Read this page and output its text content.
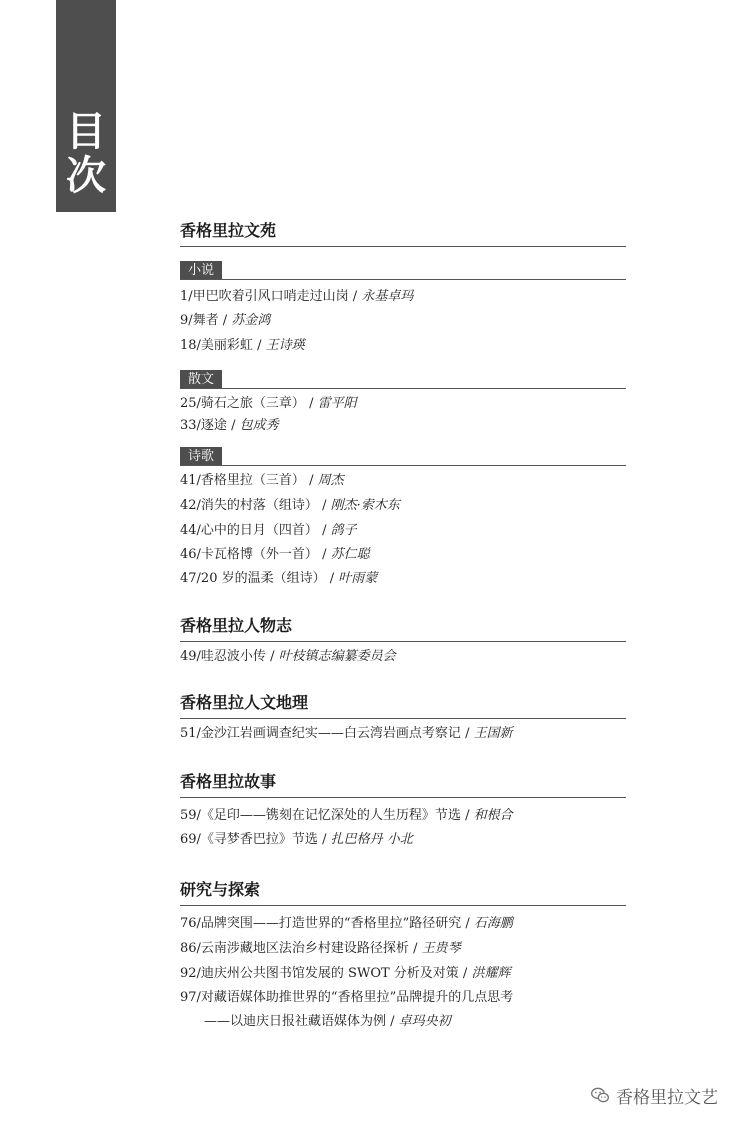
目
次
香格里拉文苑
小说
1/甲巴吹着引风口哨走过山岗 / 永基卓玛
9/舞者 / 苏金鸿
18/美丽彩虹 / 王诗瑛
散文
25/骑石之旅（三章） / 雷平阳
33/逐途 / 包成秀
诗歌
41/香格里拉（三首） / 周杰
42/消失的村落（组诗） / 刚杰·索木东
44/心中的日月（四首） / 鸽子
46/卡瓦格博（外一首） / 苏仁聪
47/20 岁的温柔（组诗） / 叶雨蒙
香格里拉人物志
49/哇忍波小传 / 叶枝镇志编纂委员会
香格里拉人文地理
51/金沙江岩画调查纪实——白云湾岩画点考察记 / 王国新
香格里拉故事
59/《足印——镌刻在记忆深处的人生历程》节选 / 和根合
69/《寻梦香巴拉》节选 / 扎巴格丹 小北
研究与探索
76/品牌突围——打造世界的“香格里拉”路径研究 / 石海鹏
86/云南涉藏地区法治乡村建设路径探析 / 王贵琴
92/迪庆州公共图书馆发展的 SWOT 分析及对策 / 洪耀辉
97/对藏语媒体助推世界的“香格里拉”品牌提升的几点思考
——以迪庆日报社藏语媒体为例 / 卓玛央初
香格里拉文艺
